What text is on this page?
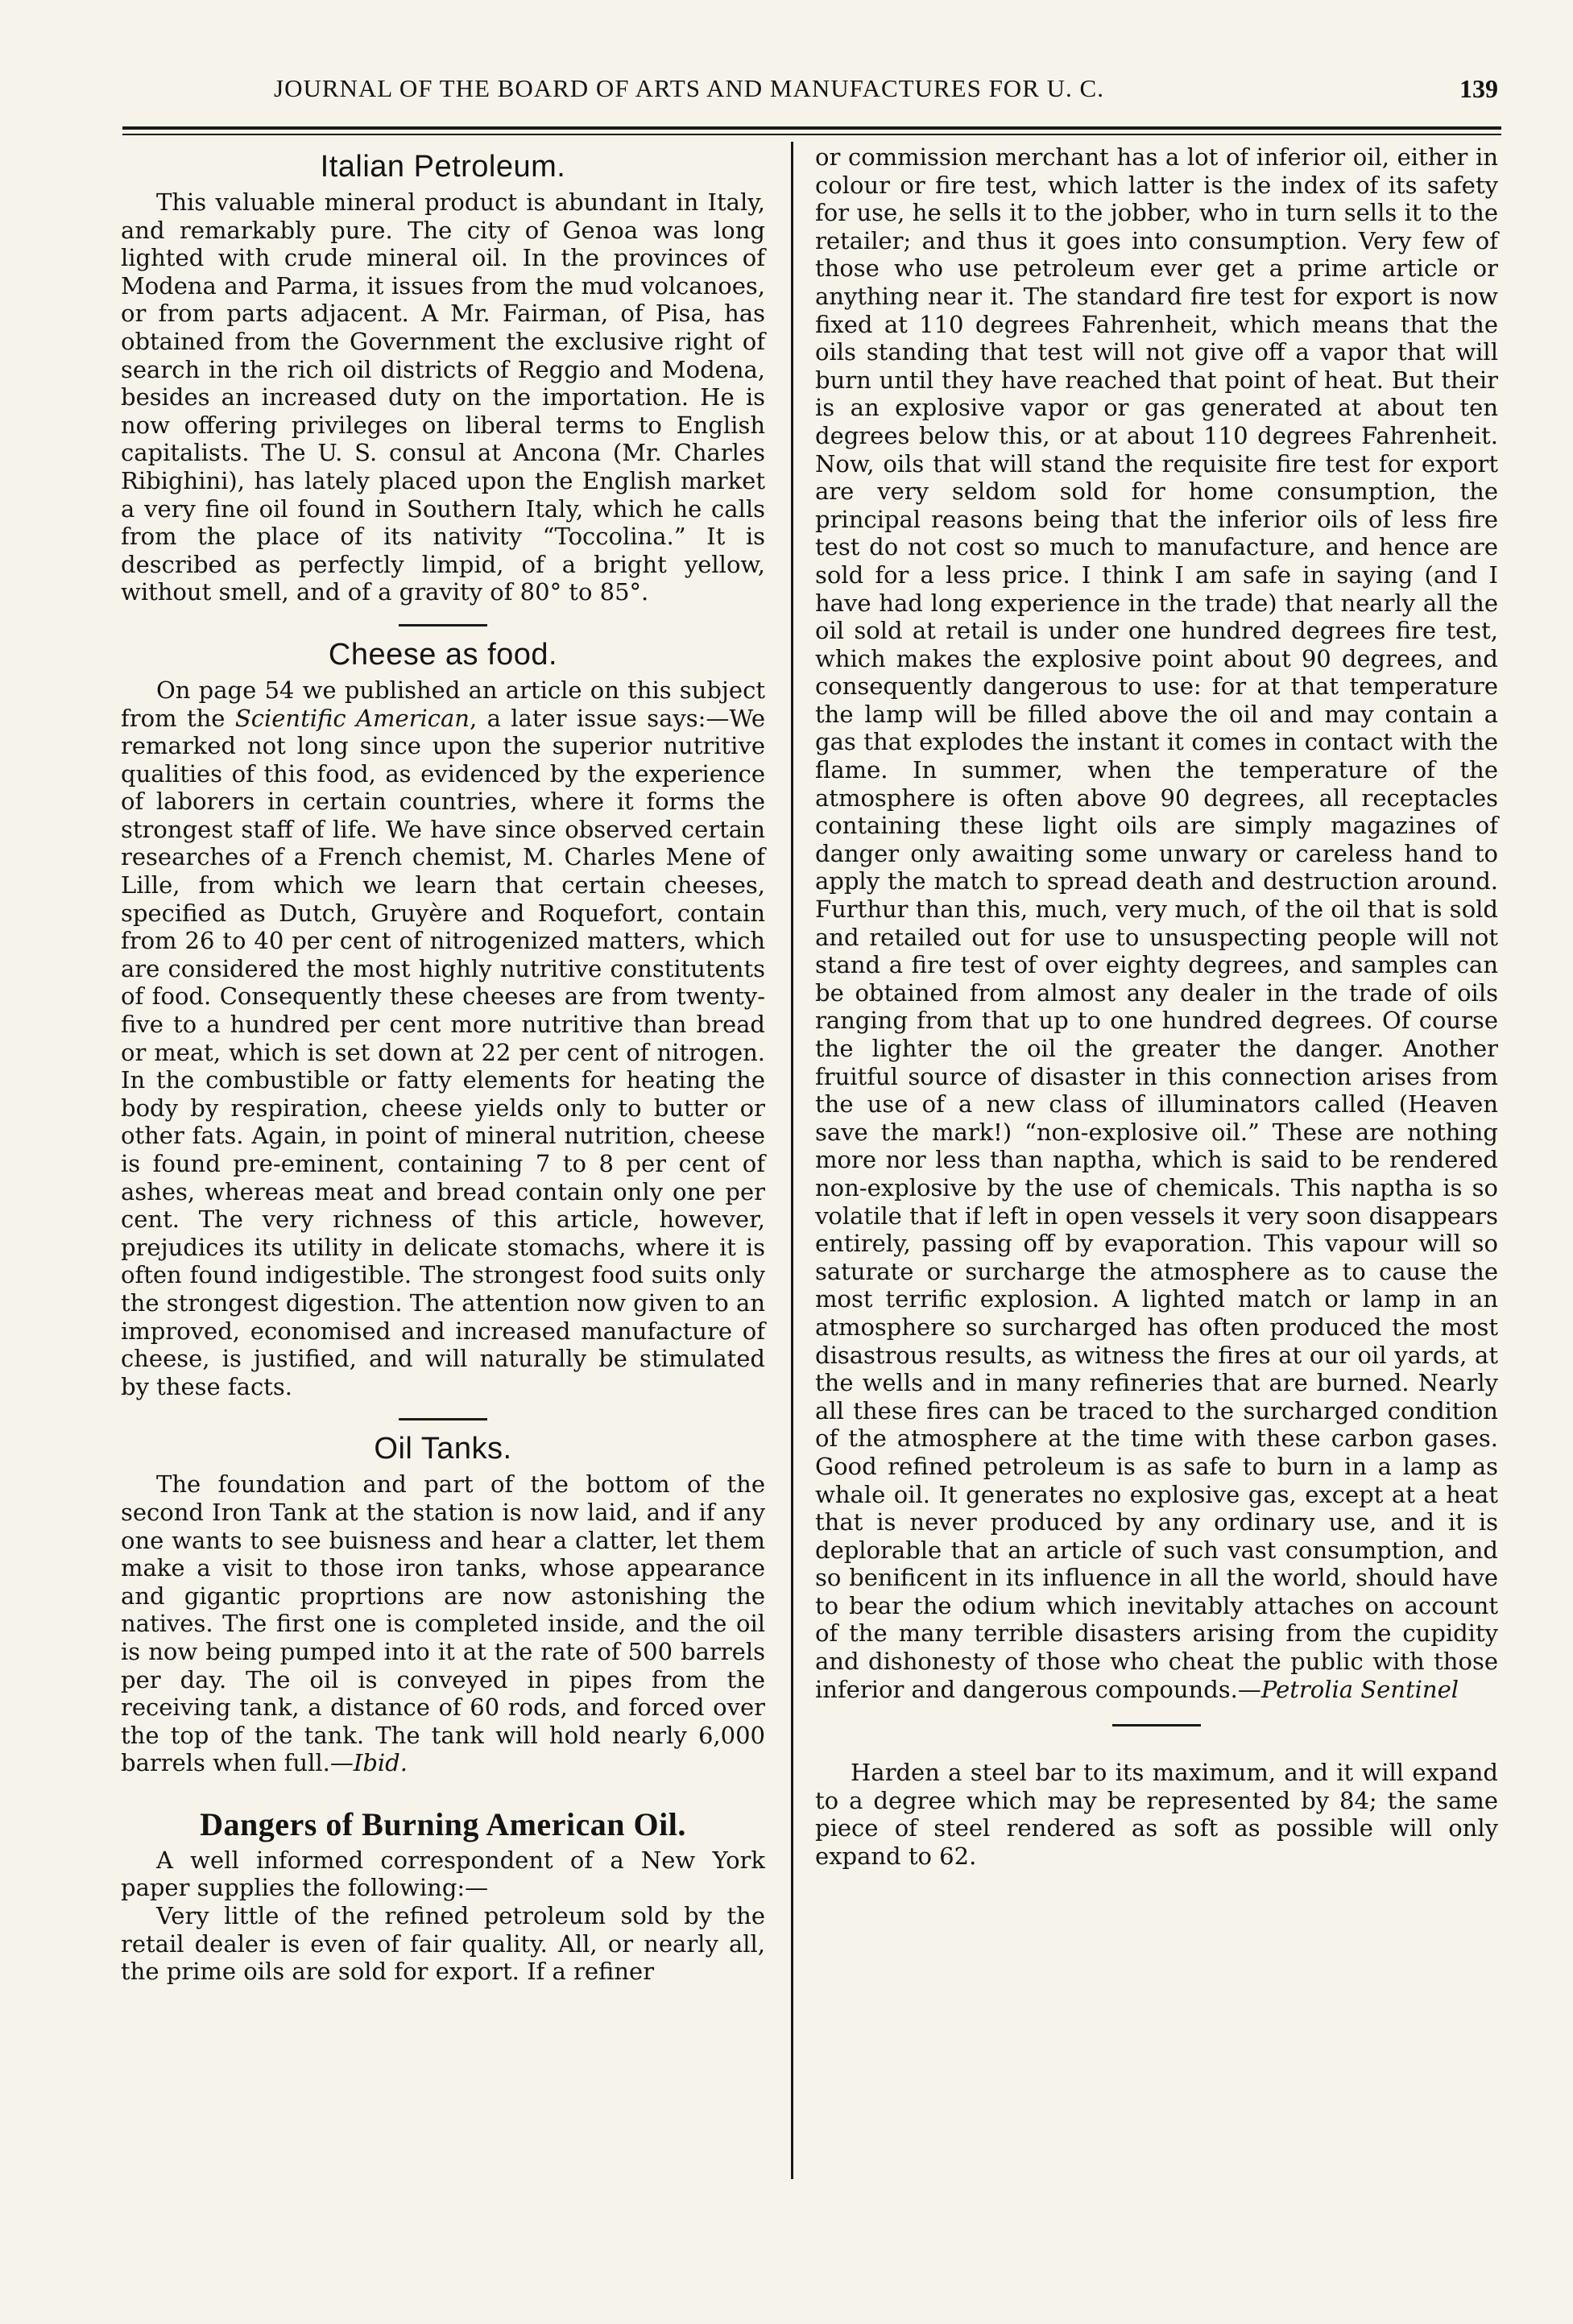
JOURNAL OF THE BOARD OF ARTS AND MANUFACTURES FOR U. C.	139
Italian Petroleum.

This valuable mineral product is abundant in Italy, and remarkably pure. The city of Genoa was long lighted with crude mineral oil. In the provinces of Modena and Parma, it issues from the mud volcanoes, or from parts adjacent. A Mr. Fairman, of Pisa, has obtained from the Government the exclusive right of search in the rich oil districts of Reggio and Modena, besides an increased duty on the importation. He is now offering privileges on liberal terms to English capitalists. The U. S. consul at Ancona (Mr. Charles Ribighini), has lately placed upon the English market a very fine oil found in Southern Italy, which he calls from the place of its nativity “Toccolina.” It is described as perfectly limpid, of a bright yellow, without smell, and of a gravity of 80° to 85°.

Cheese as food.

On page 54 we published an article on this subject from the Scientific American, a later issue says:—We remarked not long since upon the superior nutritive qualities of this food, as evidenced by the experience of laborers in certain countries, where it forms the strongest staff of life. We have since observed certain researches of a French chemist, M. Charles Mene of Lille, from which we learn that certain cheeses, specified as Dutch, Gruyère and Roquefort, contain from 26 to 40 per cent of nitrogenized matters, which are considered the most highly nutritive constitutents of food. Consequently these cheeses are from twenty-five to a hundred per cent more nutritive than bread or meat, which is set down at 22 per cent of nitrogen. In the combustible or fatty elements for heating the body by respiration, cheese yields only to butter or other fats. Again, in point of mineral nutrition, cheese is found pre-eminent, containing 7 to 8 per cent of ashes, whereas meat and bread contain only one per cent. The very richness of this article, however, prejudices its utility in delicate stomachs, where it is often found indigestible. The strongest food suits only the strongest digestion. The attention now given to an improved, economised and increased manufacture of cheese, is justified, and will naturally be stimulated by these facts.

Oil Tanks.

The foundation and part of the bottom of the second Iron Tank at the station is now laid, and if any one wants to see buisness and hear a clatter, let them make a visit to those iron tanks, whose appearance and gigantic proprtions are now astonishing the natives. The first one is completed inside, and the oil is now being pumped into it at the rate of 500 barrels per day. The oil is conveyed in pipes from the receiving tank, a distance of 60 rods, and forced over the top of the tank. The tank will hold nearly 6,000 barrels when full.—Ibid.

Dangers of Burning American Oil.

A well informed correspondent of a New York paper supplies the following:—

Very little of the refined petroleum sold by the retail dealer is even of fair quality. All, or nearly all, the prime oils are sold for export. If a refiner

or commission merchant has a lot of inferior oil, either in colour or fire test, which latter is the index of its safety for use, he sells it to the jobber, who in turn sells it to the retailer; and thus it goes into consumption. Very few of those who use petroleum ever get a prime article or anything near it. The standard fire test for export is now fixed at 110 degrees Fahrenheit, which means that the oils standing that test will not give off a vapor that will burn until they have reached that point of heat. But their is an explosive vapor or gas generated at about ten degrees below this, or at about 110 degrees Fahrenheit. Now, oils that will stand the requisite fire test for export are very seldom sold for home consumption, the principal reasons being that the inferior oils of less fire test do not cost so much to manufacture, and hence are sold for a less price. I think I am safe in saying (and I have had long experience in the trade) that nearly all the oil sold at retail is under one hundred degrees fire test, which makes the explosive point about 90 degrees, and consequently dangerous to use: for at that temperature the lamp will be filled above the oil and may contain a gas that explodes the instant it comes in contact with the flame. In summer, when the temperature of the atmosphere is often above 90 degrees, all receptacles containing these light oils are simply magazines of danger only awaiting some unwary or careless hand to apply the match to spread death and destruction around. Furthur than this, much, very much, of the oil that is sold and retailed out for use to unsuspecting people will not stand a fire test of over eighty degrees, and samples can be obtained from almost any dealer in the trade of oils ranging from that up to one hundred degrees. Of course the lighter the oil the greater the danger. Another fruitful source of disaster in this connection arises from the use of a new class of illuminators called (Heaven save the mark!) “non-explosive oil.” These are nothing more nor less than naptha, which is said to be rendered non-explosive by the use of chemicals. This naptha is so volatile that if left in open vessels it very soon disappears entirely, passing off by evaporation. This vapour will so saturate or surcharge the atmosphere as to cause the most terrific explosion. A lighted match or lamp in an atmosphere so surcharged has often produced the most disastrous results, as witness the fires at our oil yards, at the wells and in many refineries that are burned. Nearly all these fires can be traced to the surcharged condition of the atmosphere at the time with these carbon gases. Good refined petroleum is as safe to burn in a lamp as whale oil. It generates no explosive gas, except at a heat that is never produced by any ordinary use, and it is deplorable that an article of such vast consumption, and so benificent in its influence in all the world, should have to bear the odium which inevitably attaches on account of the many terrible disasters arising from the cupidity and dishonesty of those who cheat the public with those inferior and dangerous compounds.—Petrolia Sentinel

Harden a steel bar to its maximum, and it will expand to a degree which may be represented by 84; the same piece of steel rendered as soft as possible will only expand to 62.
